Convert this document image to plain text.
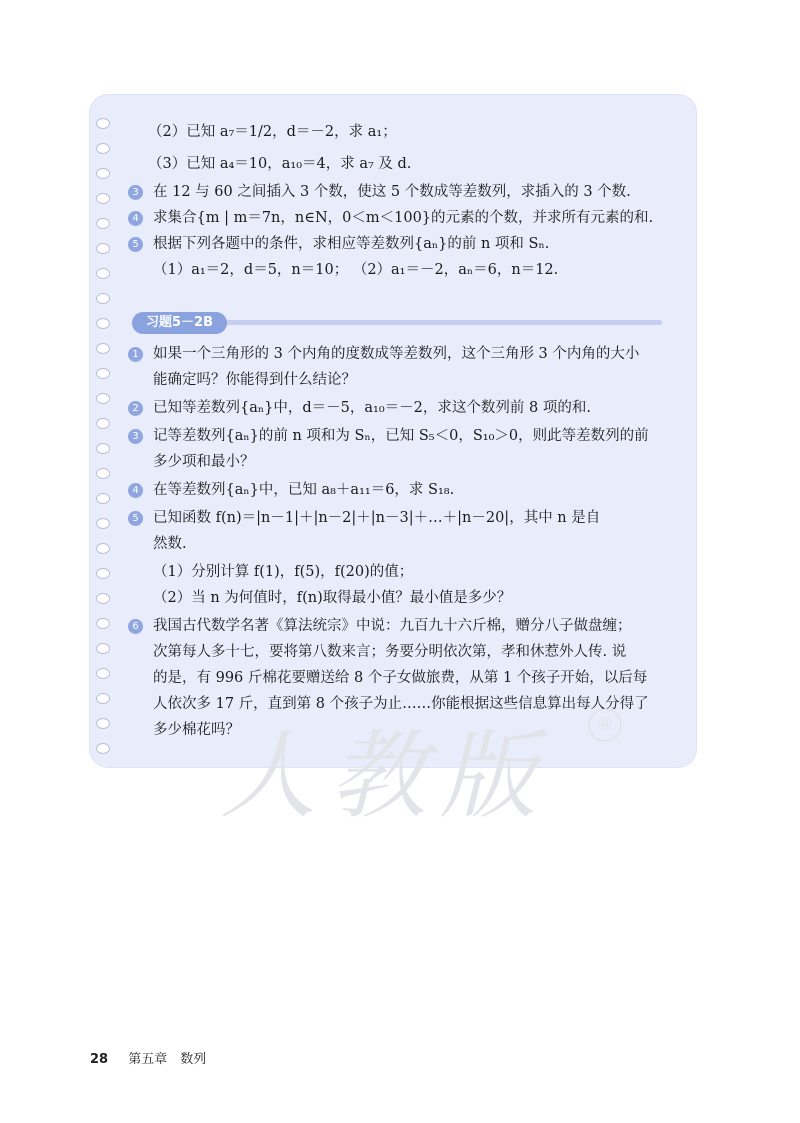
人教版	®
（2）已知 a₇＝1/2，d＝－2，求 a₁；
（3）已知 a₄＝10，a₁₀＝4，求 a₇ 及 d.
3 在 12 与 60 之间插入 3 个数，使这 5 个数成等差数列，求插入的 3 个数.
4 求集合{m | m＝7n，n∈N，0＜m＜100}的元素的个数，并求所有元素的和.
5 根据下列各题中的条件，求相应等差数列{aₙ}的前 n 项和 Sₙ.
（1）a₁＝2，d＝5，n＝10； （2）a₁＝－2，aₙ＝6，n＝12.
1 如果一个三角形的 3 个内角的度数成等差数列，这个三角形 3 个内角的大小
能确定吗？你能得到什么结论？
2 已知等差数列{aₙ}中，d＝－5，a₁₀＝－2，求这个数列前 8 项的和.
3 记等差数列{aₙ}的前 n 项和为 Sₙ，已知 S₅＜0，S₁₀＞0，则此等差数列的前
多少项和最小？
4 在等差数列{aₙ}中，已知 a₈＋a₁₁＝6，求 S₁₈.
5 已知函数 f(n)＝|n－1|＋|n－2|＋|n－3|＋…＋|n－20|，其中 n 是自
然数.
（1）分别计算 f(1)，f(5)，f(20)的值；
（2）当 n 为何值时，f(n)取得最小值？最小值是多少？
6 我国古代数学名著《算法统宗》中说：九百九十六斤棉，赠分八子做盘缠；
次第每人多十七，要将第八数来言；务要分明依次第，孝和休惹外人传. 说
的是，有 996 斤棉花要赠送给 8 个子女做旅费，从第 1 个孩子开始，以后每
人依次多 17 斤，直到第 8 个孩子为止……你能根据这些信息算出每人分得了
多少棉花吗？
习题5－2B
28 第五章　数列
